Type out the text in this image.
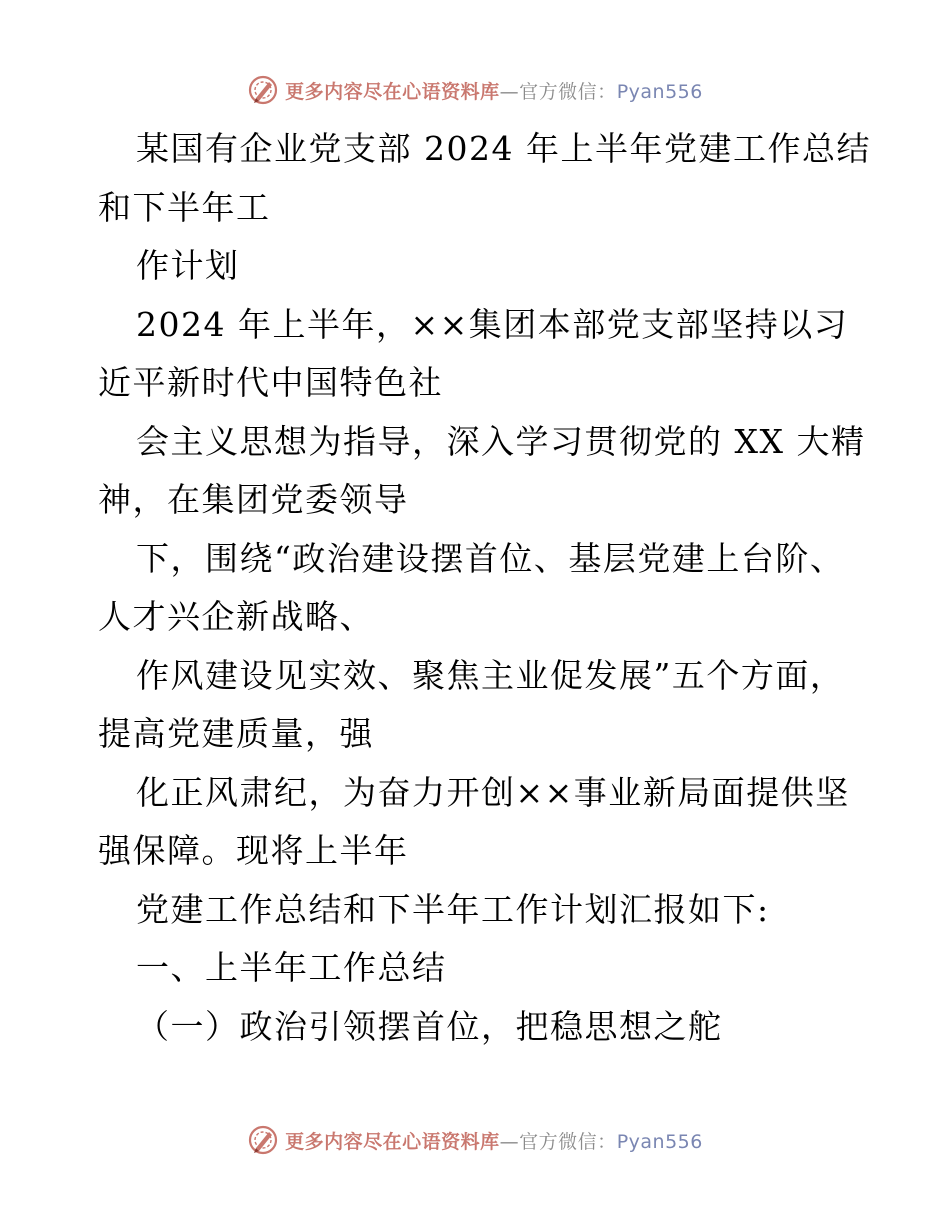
更多内容尽在心语资料库—官方微信：Pyan556
某国有企业党支部 2024 年上半年党建工作总结
和下半年工
作计划
2024 年上半年，××集团本部党支部坚持以习
近平新时代中国特色社
会主义思想为指导，深入学习贯彻党的 XX 大精
神，在集团党委领导
下，围绕“政治建设摆首位、基层党建上台阶、
人才兴企新战略、
作风建设见实效、聚焦主业促发展”五个方面，
提高党建质量，强
化正风肃纪，为奋力开创××事业新局面提供坚
强保障。现将上半年
党建工作总结和下半年工作计划汇报如下:
一、上半年工作总结
（一）政治引领摆首位，把稳思想之舵
更多内容尽在心语资料库—官方微信：Pyan556
